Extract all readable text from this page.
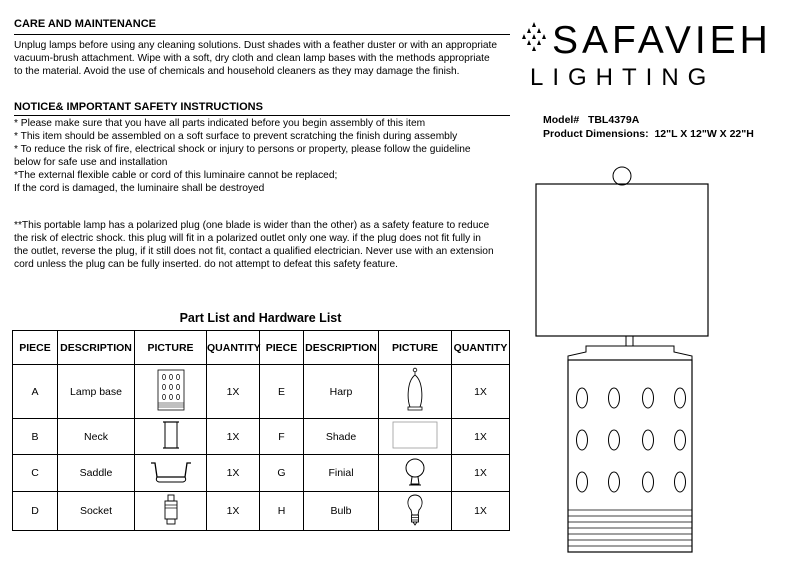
CARE AND MAINTENANCE
Unplug lamps before using any cleaning solutions. Dust shades with a feather duster or with an appropriate
vacuum-brush attachment. Wipe with a soft, dry cloth and clean lamp bases with the methods appropriate
to the material. Avoid the use of chemicals and household cleaners as they may damage the finish.
NOTICE& IMPORTANT SAFETY INSTRUCTIONS
* Please make sure that you have all parts indicated before you begin assembly of this item
* This item should be assembled on a soft surface to prevent scratching the finish during assembly
* To reduce the risk of fire, electrical shock or injury to persons or property, please follow the guideline
below for safe use and installation
*The external flexible cable or cord of this luminaire cannot be replaced;
If the cord is damaged, the luminaire shall be destroyed
**This portable lamp has a polarized plug (one blade is wider than the other) as a safety feature to reduce
the risk of electric shock. this plug will fit in a polarized outlet only one way. if the plug does not fit fully in
the outlet, reverse the plug, if it still does not fit, contact a qualified electrician. Never use with an extension
cord unless the plug can be fully inserted. do not attempt to defeat this safety feature.
Part List and Hardware List
PIECE	DESCRIPTION	PICTURE	QUANTITY	PIECE	DESCRIPTION	PICTURE	QUANTITY
A	Lamp base		1X	E	Harp		1X
B	Neck		1X	F	Shade		1X
C	Saddle		1X	G	Finial		1X
D	Socket		1X	H	Bulb		1X
SAFAVIEH
LIGHTING
Model# TBL4379A
Product Dimensions: 12"L X 12"W X 22"H
